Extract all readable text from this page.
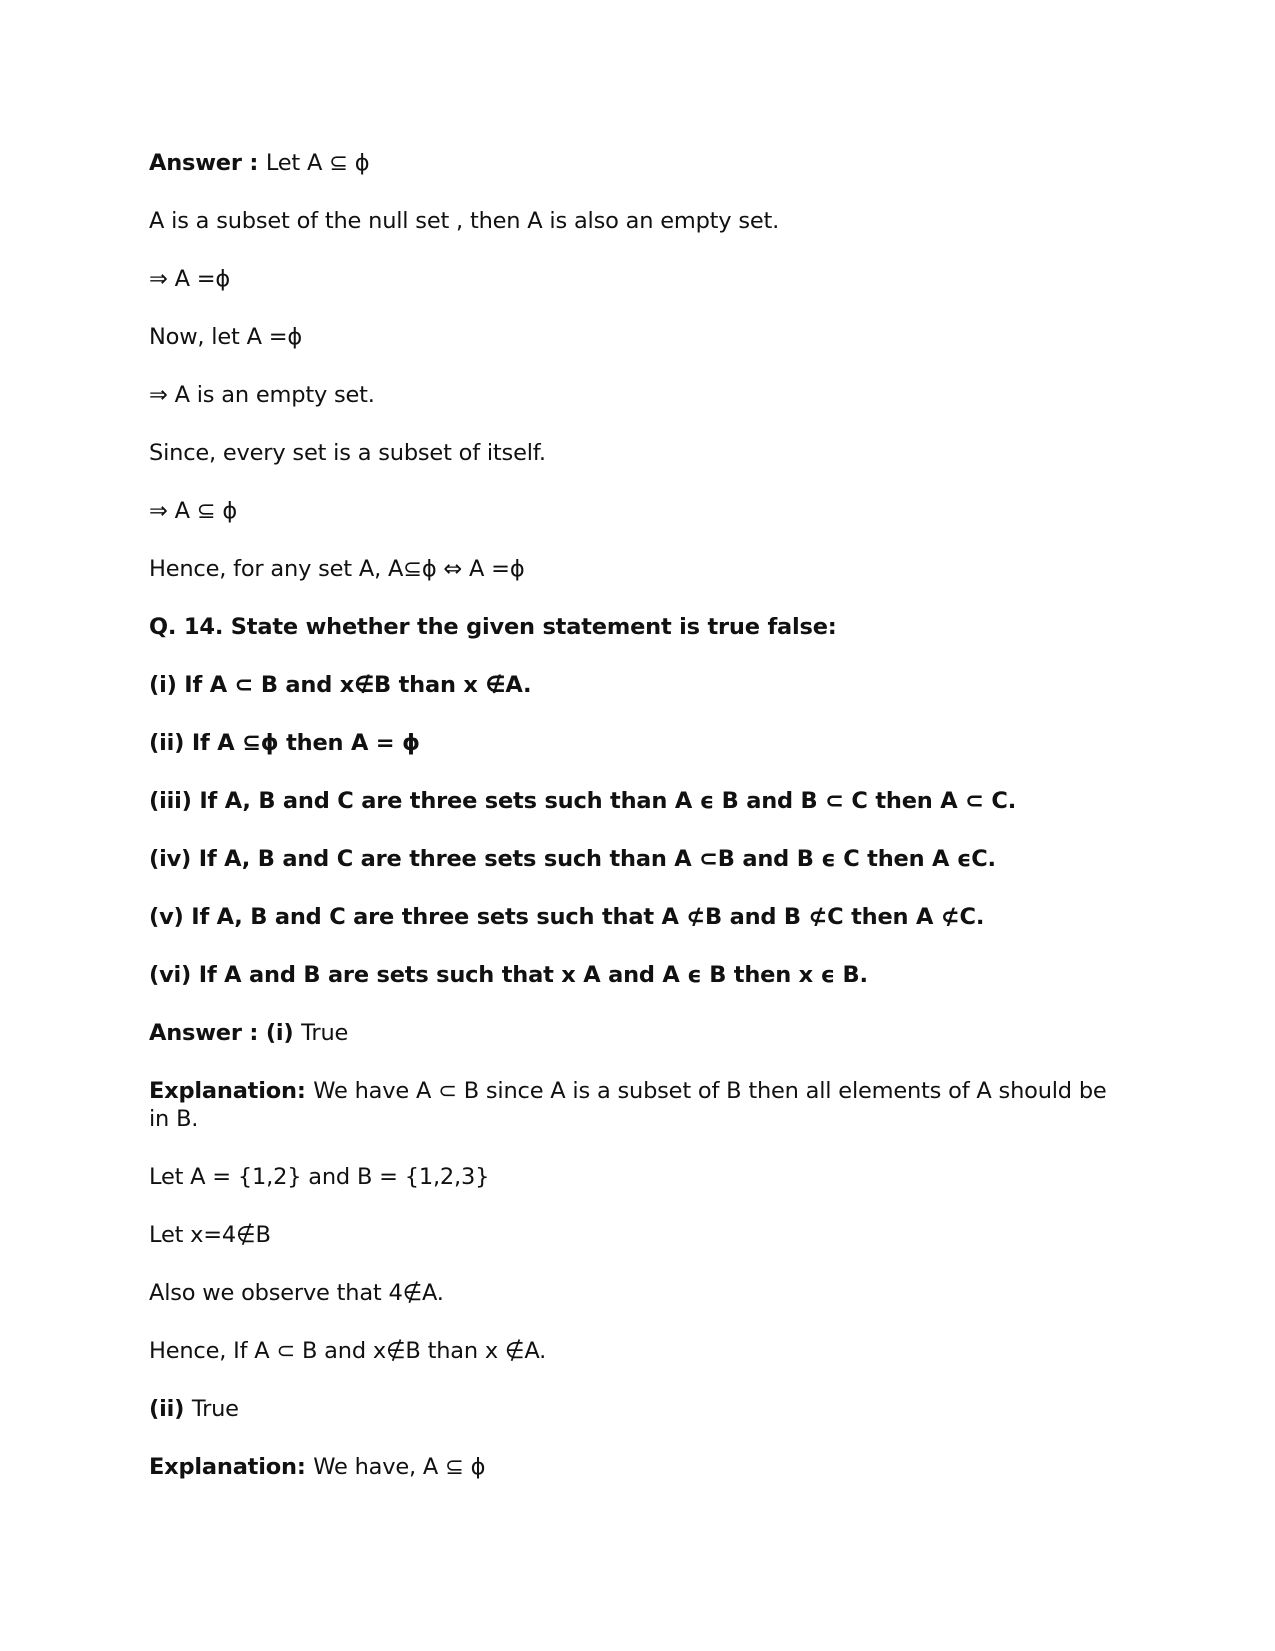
Answer : Let A ⊆ ϕ
A is a subset of the null set , then A is also an empty set.
⇒ A =ϕ
Now, let A =ϕ
⇒ A is an empty set.
Since, every set is a subset of itself.
⇒ A ⊆ ϕ
Hence, for any set A, A⊆ϕ ⇔ A =ϕ
Q. 14. State whether the given statement is true false:
(i) If A ⊂ B and x∉B than x ∉A.
(ii) If A ⊆ϕ then A = ϕ
(iii) If A, B and C are three sets such than A ϵ B and B ⊂ C then A ⊂ C.
(iv) If A, B and C are three sets such than A ⊂B and B ϵ C then A ϵC.
(v) If A, B and C are three sets such that A ⊄B and B ⊄C then A ⊄C.
(vi) If A and B are sets such that x A and A ϵ B then x ϵ B.
Answer : (i) True
Explanation: We have A ⊂ B since A is a subset of B then all elements of A should be in B.
Let A = {1,2} and B = {1,2,3}
Let x=4∉B
Also we observe that 4∉A.
Hence, If A ⊂ B and x∉B than x ∉A.
(ii) True
Explanation: We have, A ⊆ ϕ
